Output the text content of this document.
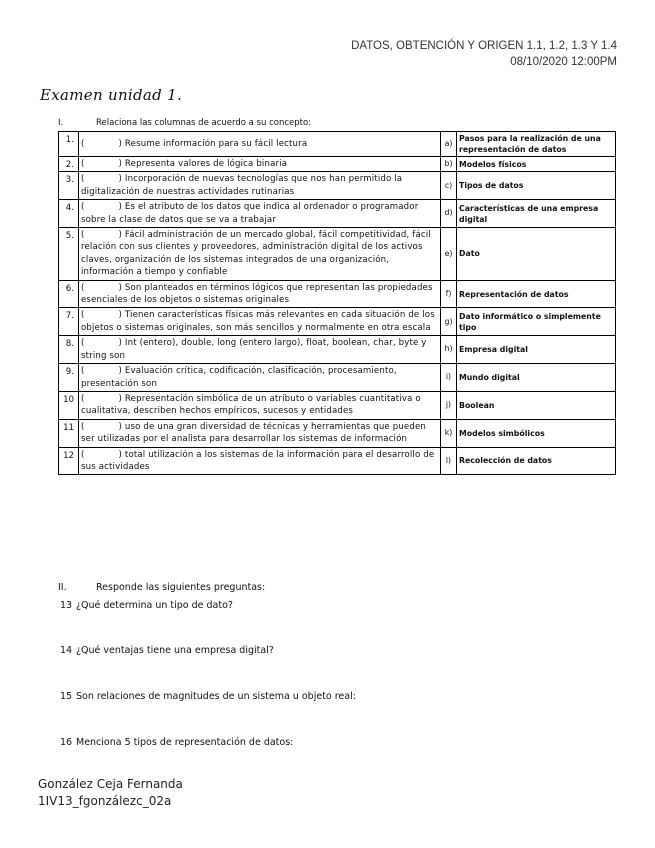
DATOS, OBTENCIÓN Y ORIGEN 1.1, 1.2, 1.3 Y 1.4
08/10/2020 12:00PM
Examen unidad 1.
I.	Relaciona las columnas de acuerdo a su concepto:
1.	( ) Resume información para su fácil lectura	a)	Pasos para la realización de una representación de datos
2.	( ) Representa valores de lógica binaria	b)	Modelos físicos
3.	( ) Incorporación de nuevas tecnologías que nos han permitido la digitalización de nuestras actividades rutinarias	c)	Tipos de datos
4.	( ) Es el atributo de los datos que indica al ordenador o programador sobre la clase de datos que se va a trabajar	d)	Características de una empresa digital
5.	( ) Fácil administración de un mercado global, fácil competitividad, fácil relación con sus clientes y proveedores, administración digital de los activos claves, organización de los sistemas integrados de una organización, información a tiempo y confiable	e)	Dato
6.	( ) Son planteados en términos lógicos que representan las propiedades esenciales de los objetos o sistemas originales	f)	Representación de datos
7.	( ) Tienen características físicas más relevantes en cada situación de los objetos o sistemas originales, son más sencillos y normalmente en otra escala	g)	Dato informático o simplemente tipo
8.	( ) Int (entero), double, long (entero largo), float, boolean, char, byte y string son	h)	Empresa digital
9.	( ) Evaluación crítica, codificación, clasificación, procesamiento, presentación son	i)	Mundo digital
10	( ) Representación simbólica de un atributo o variables cuantitativa o cualitativa, describen hechos empíricos, sucesos y entidades	j)	Boolean
11	( ) uso de una gran diversidad de técnicas y herramientas que pueden ser utilizadas por el analista para desarrollar los sistemas de información	k)	Modelos simbólicos
12	( ) total utilización a los sistemas de la información para el desarrollo de sus actividades	l)	Recolección de datos
II.	Responde las siguientes preguntas:
13 ¿Qué determina un tipo de dato?
14 ¿Qué ventajas tiene una empresa digital?
15 Son relaciones de magnitudes de un sistema u objeto real:
16 Menciona 5 tipos de representación de datos:
González Ceja Fernanda
1IV13_fgonzálezc_02a
